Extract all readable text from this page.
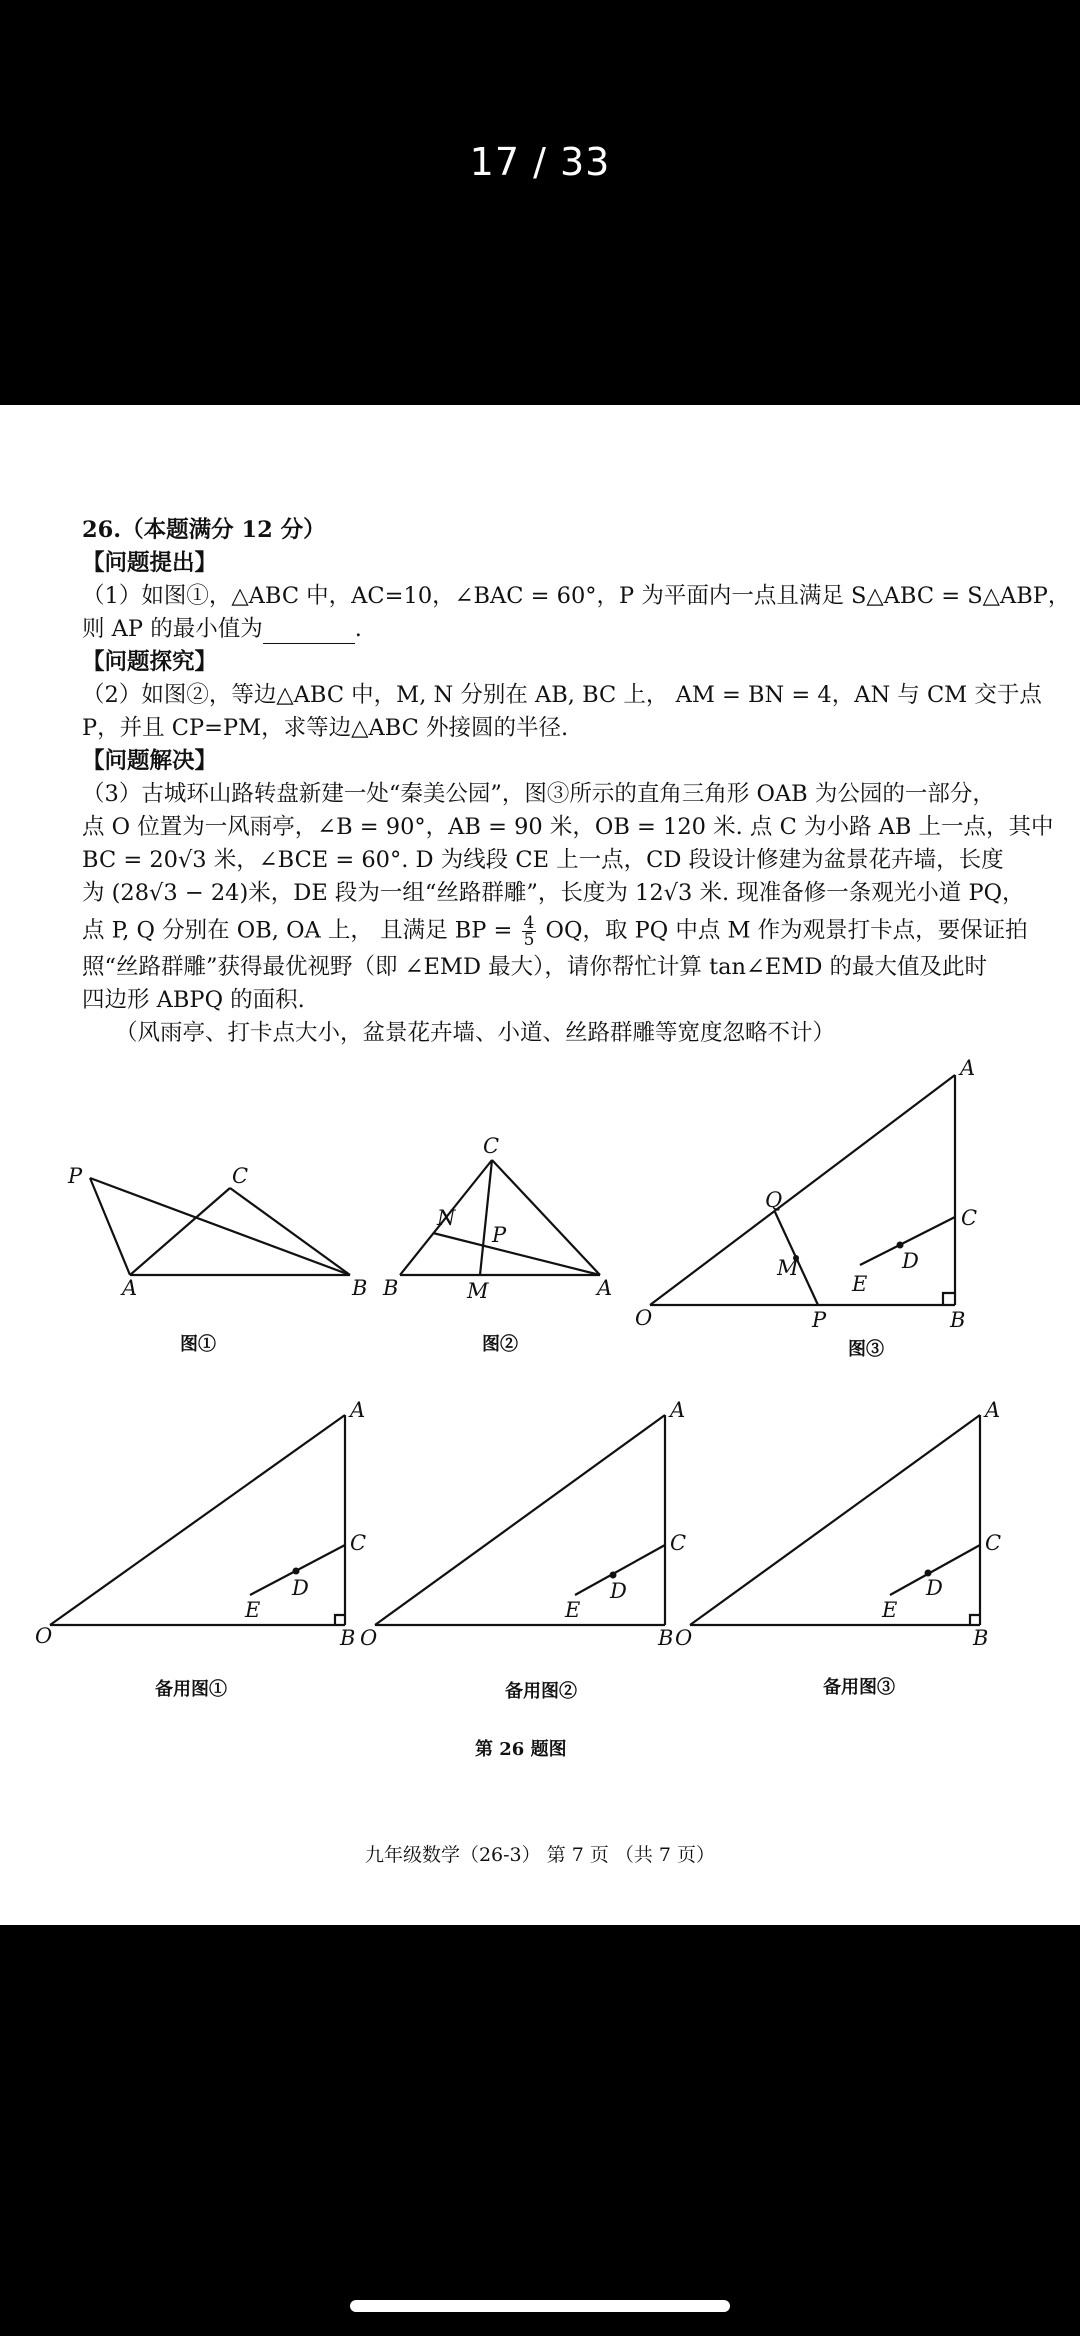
17 / 33
26.（本题满分 12 分）
【问题提出】
（1）如图①，△ABC 中，AC=10，∠BAC = 60°，P 为平面内一点且满足 S△ABC = S△ABP，
则 AP 的最小值为	.
【问题探究】
（2）如图②，等边△ABC 中，M, N 分别在 AB, BC 上， AM = BN = 4，AN 与 CM 交于点
P，并且 CP=PM，求等边△ABC 外接圆的半径.
【问题解决】
（3）古城环山路转盘新建一处“秦美公园”，图③所示的直角三角形 OAB 为公园的一部分，
点 O 位置为一风雨亭，∠B = 90°，AB = 90 米，OB = 120 米. 点 C 为小路 AB 上一点，其中
BC = 20√3 米，∠BCE = 60°. D 为线段 CE 上一点，CD 段设计修建为盆景花卉墙，长度
为 (28√3 − 24)米，DE 段为一组“丝路群雕”，长度为 12√3 米. 现准备修一条观光小道 PQ，
点 P, Q 分别在 OB, OA 上， 且满足 BP = $\frac{4}{5}$ OQ，取 PQ 中点 M 作为观景打卡点，要保证拍
照“丝路群雕”获得最优视野（即 ∠EMD 最大），请你帮忙计算 tan∠EMD 的最大值及此时
四边形 ABPQ 的面积.
（风雨亭、打卡点大小，盆景花卉墙、小道、丝路群雕等宽度忽略不计）
P	C
A	B
图①
C
N
P
B	M	A
图②
A
Q
C
M	D
E
O	P	B
图③
A
C
E
D
O	B
备用图①
A
C
E
D
O	B
备用图②
A
C
E
D
O	B
备用图③
第 26 题图
九年级数学（26-3） 第 7 页 （共 7 页）
